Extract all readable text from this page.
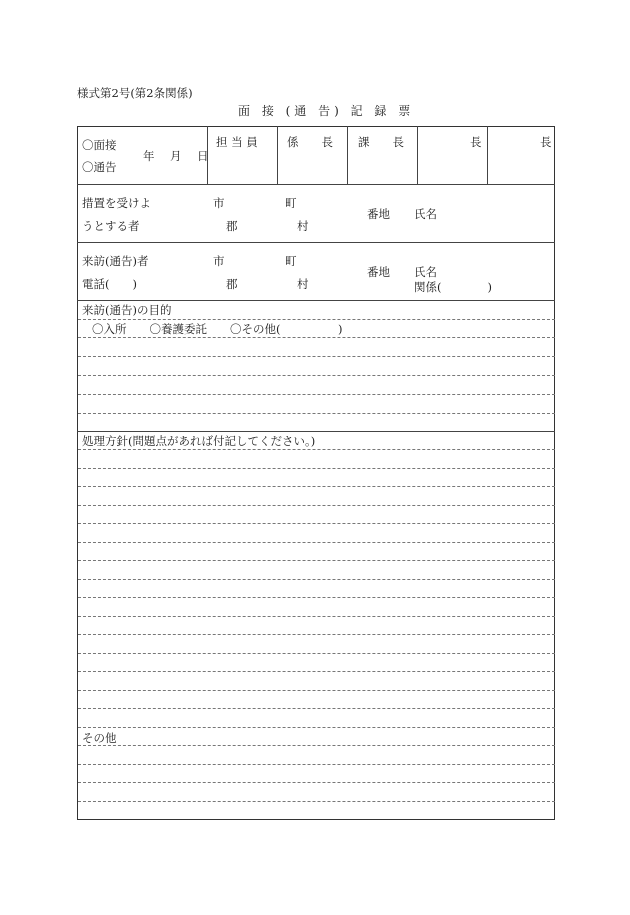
様式第2号(第2条関係)
面 接 (通 告) 記 録 票
〇面接
〇通告
年　月　日
担 当 員	係　　長 課　　長	長	長
措置を受けよ
うとする者
市	町
郡	村
番地 氏名
来訪(通告)者
電話(　　)
市	町
郡	村
番地 氏名
関係(　　　　)
来訪(通告)の目的
〇入所　　〇養護委託　　〇その他(　　　　　)
処理方針(問題点があれば付記してください。)
その他
